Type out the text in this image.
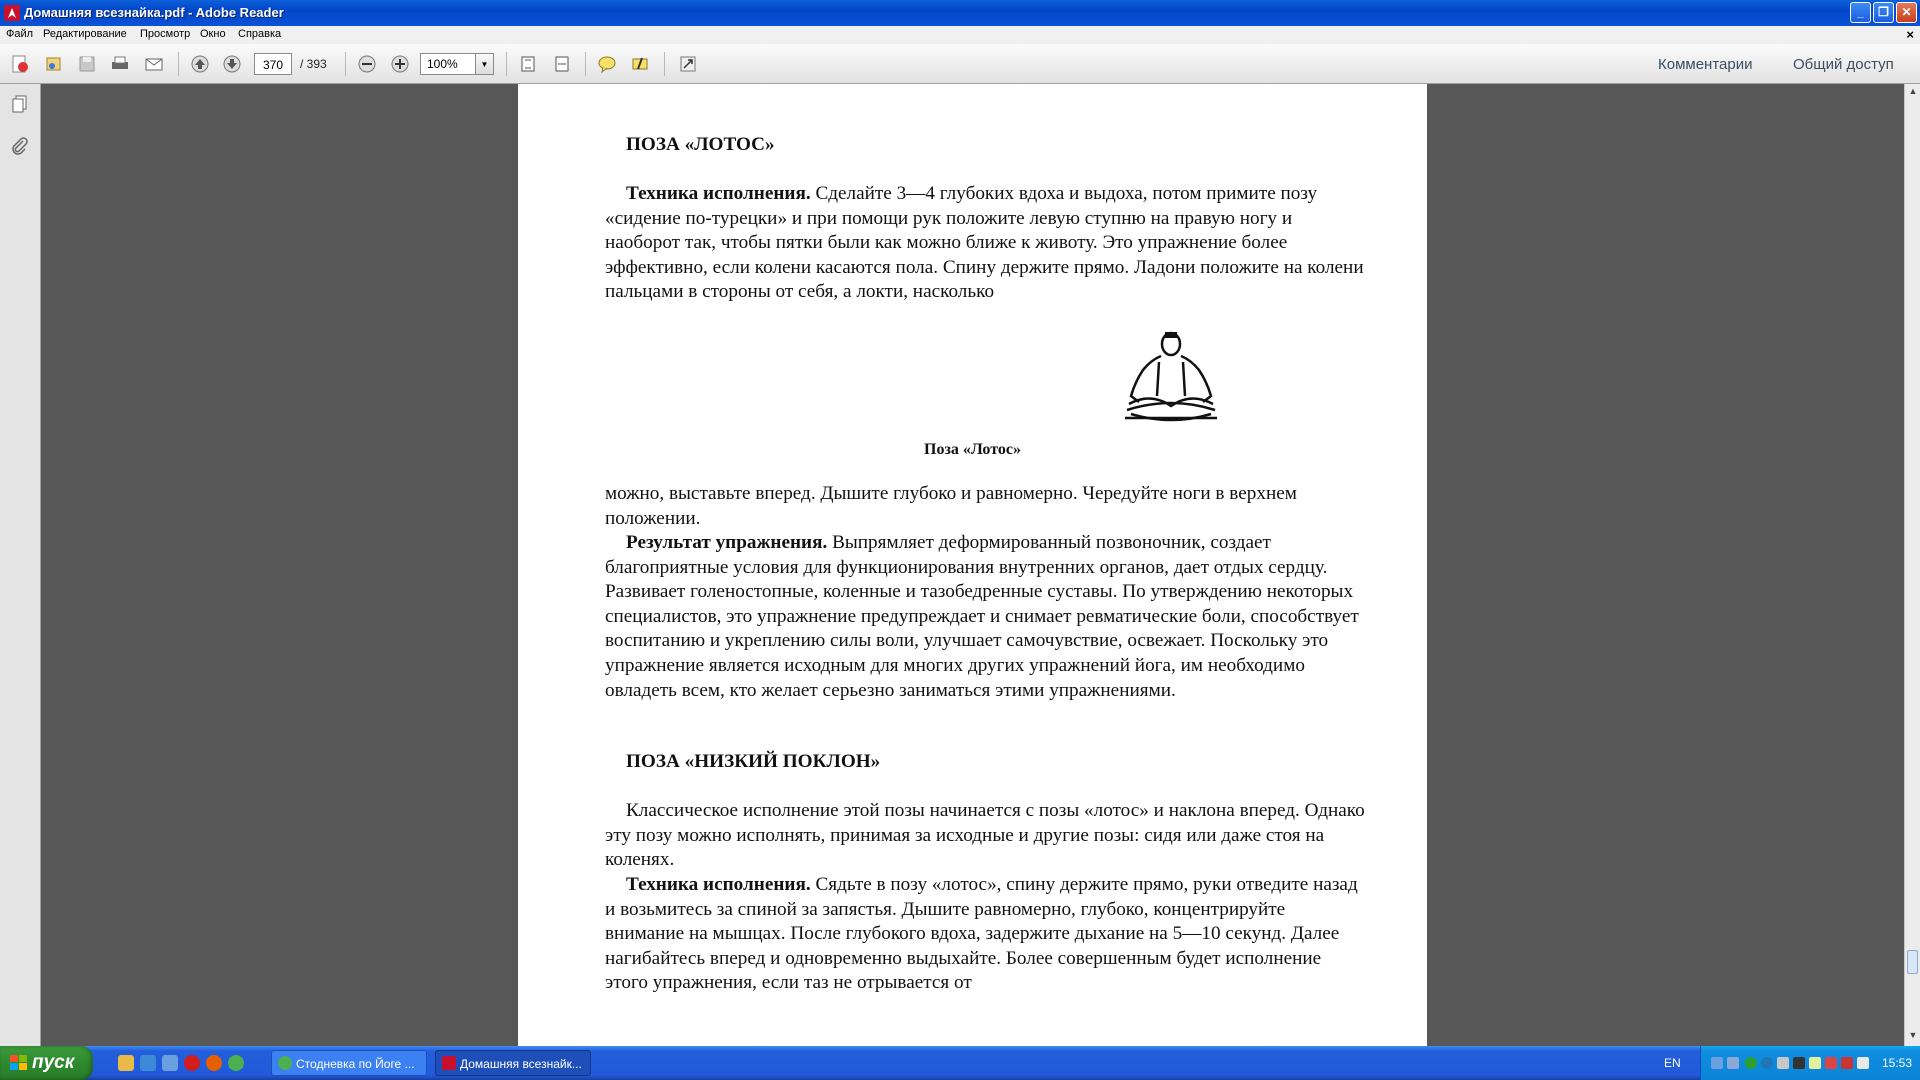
Домашняя всезнайка.pdf - Adobe Reader	_	❐	✕
Файл Редактирование Просмотр Окно Справка	×
370	/ 393	100%	▼	Комментарии	Общий доступ
ПОЗА «ЛОТОС»

Техника исполнения. Сделайте 3—4 глубоких вдоха и выдоха, потом примите позу «сидение по-турецки» и при помощи рук положите левую ступню на правую ногу и наоборот так, чтобы пятки были как можно ближе к животу. Это упражнение более эффективно, если колени касаются пола. Спину держите прямо. Ладони положите на колени пальцами в стороны от себя, а локти, насколько

Поза «Лотос»

можно, выставьте вперед. Дышите глубоко и равномерно. Чередуйте ноги в верхнем положении.

Результат упражнения. Выпрямляет деформированный позвоночник, создает благоприятные условия для функционирования внутренних органов, дает отдых сердцу. Развивает голеностопные, коленные и тазобедренные суставы. По утверждению некоторых специалистов, это упражнение предупреждает и снимает ревматические боли, способствует воспитанию и укреплению силы воли, улучшает самочувствие, освежает. Поскольку это упражнение является исходным для многих других упражнений йога, им необходимо овладеть всем, кто желает серьезно заниматься этими упражнениями.

ПОЗА «НИЗКИЙ ПОКЛОН»

Классическое исполнение этой позы начинается с позы «лотос» и наклона вперед. Однако эту позу можно исполнять, принимая за исходные и другие позы: сидя или даже стоя на коленях.

Техника исполнения. Сядьте в позу «лотос», спину держите прямо, руки отведите назад и возьмитесь за спиной за запястья. Дышите равномерно, глубоко, концентрируйте внимание на мышцах. После глубокого вдоха, задержите дыхание на 5—10 секунд. Далее нагибайтесь вперед и одновременно выдыхайте. Более совершенным будет исполнение этого упражнения, если таз не отрывается от

▲
▼
пуск	Стодневка по Йоге ...	Домашняя всезнайк...	EN	15:53
